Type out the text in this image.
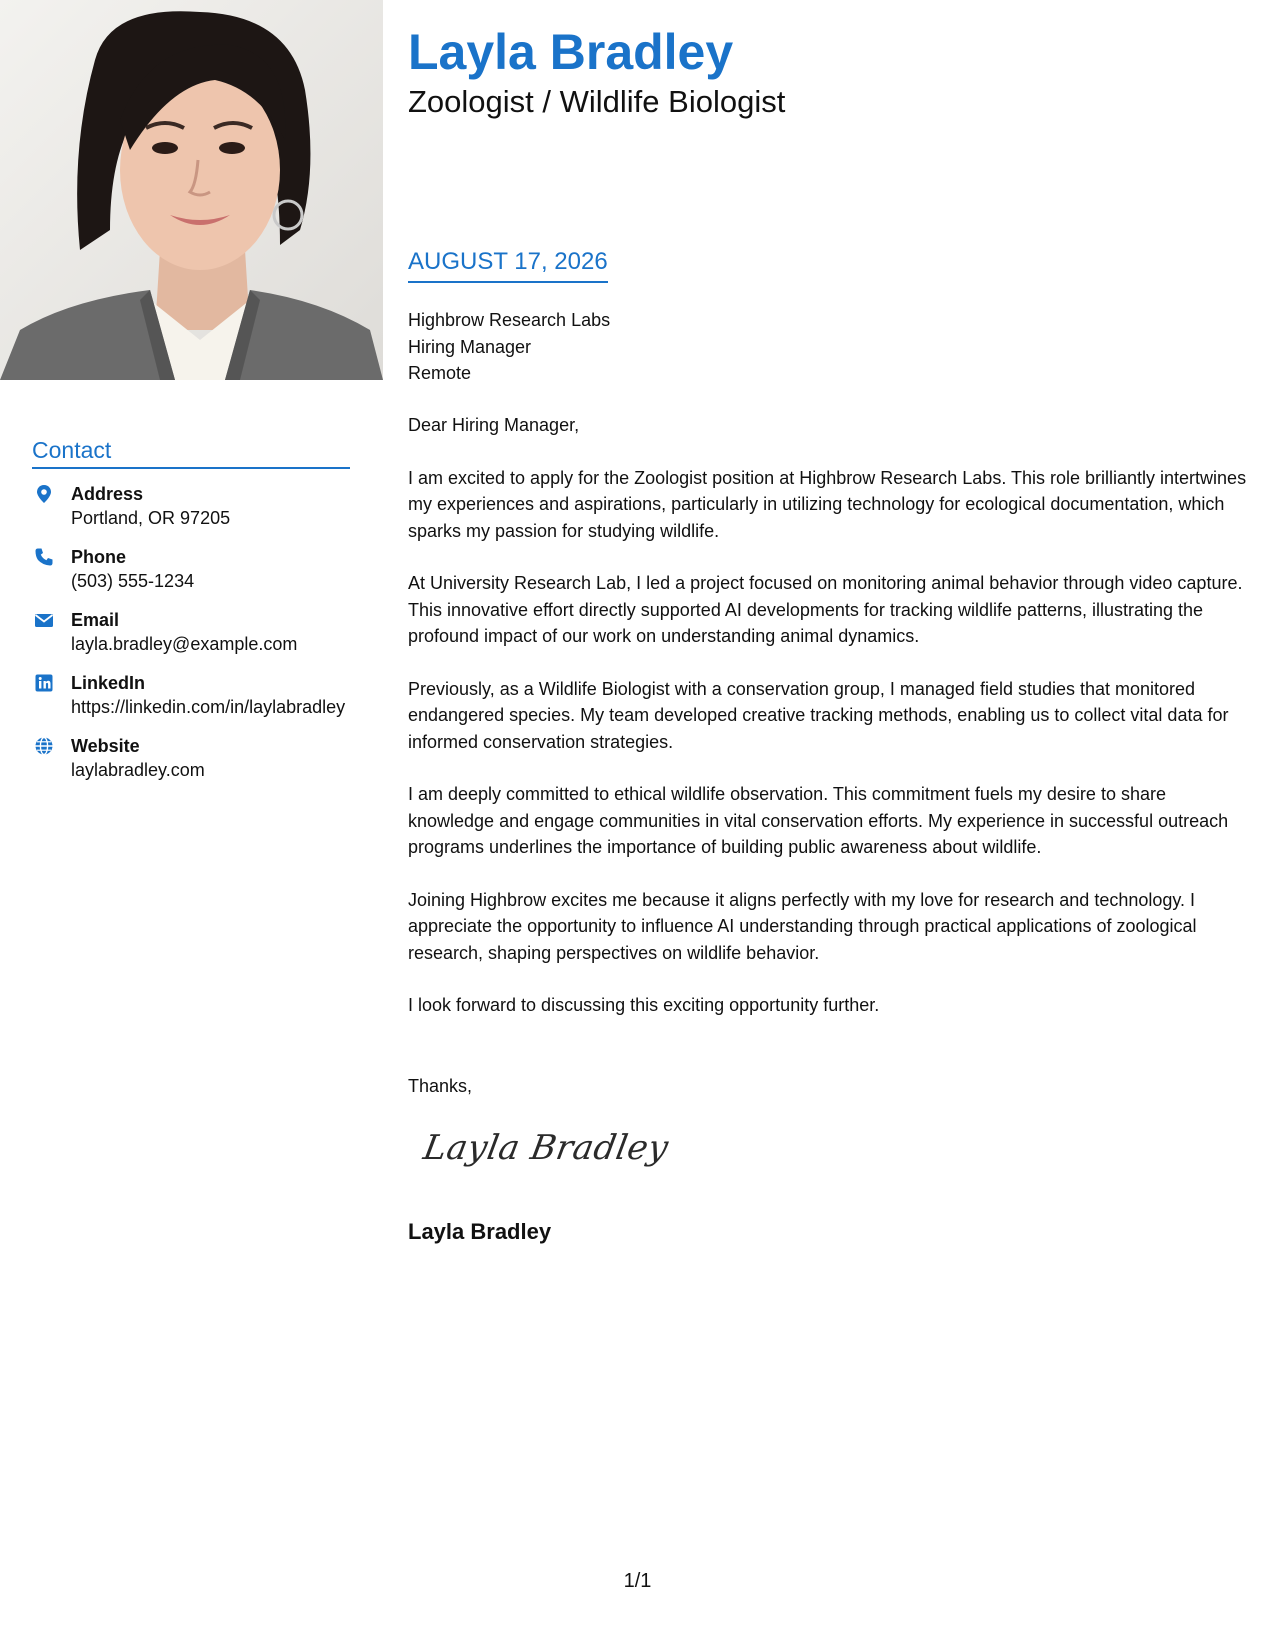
Contact
Address
Portland, OR 97205
Phone
(503) 555-1234
Email
layla.bradley@example.com
LinkedIn
https://linkedin.com/in/laylabradley
Website
laylabradley.com
Layla Bradley
Zoologist / Wildlife Biologist
AUGUST 17, 2026
Highbrow Research Labs
Hiring Manager
Remote

Dear Hiring Manager,

I am excited to apply for the Zoologist position at Highbrow Research Labs. This role brilliantly intertwines my experiences and aspirations, particularly in utilizing technology for ecological documentation, which sparks my passion for studying wildlife.

At University Research Lab, I led a project focused on monitoring animal behavior through video capture. This innovative effort directly supported AI developments for tracking wildlife patterns, illustrating the profound impact of our work on understanding animal dynamics.

Previously, as a Wildlife Biologist with a conservation group, I managed field studies that monitored endangered species. My team developed creative tracking methods, enabling us to collect vital data for informed conservation strategies.

I am deeply committed to ethical wildlife observation. This commitment fuels my desire to share knowledge and engage communities in vital conservation efforts. My experience in successful outreach programs underlines the importance of building public awareness about wildlife.

Joining Highbrow excites me because it aligns perfectly with my love for research and technology. I appreciate the opportunity to influence AI understanding through practical applications of zoological research, shaping perspectives on wildlife behavior.

I look forward to discussing this exciting opportunity further.

Thanks,
Layla Bradley
Layla Bradley
1/1
